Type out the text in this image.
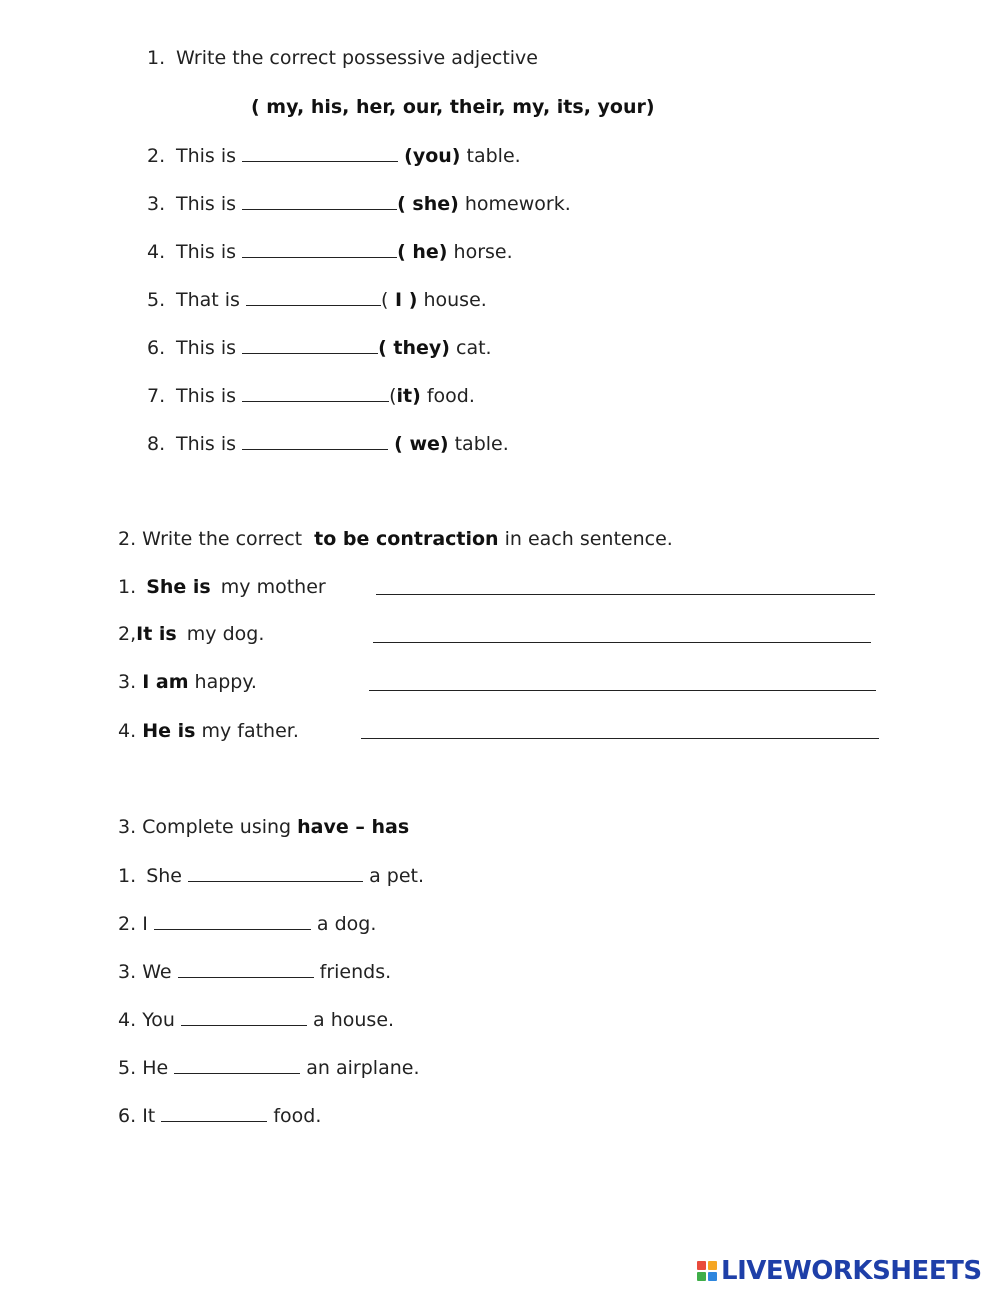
1. Write the correct possessive adjective
( my, his, her, our, their, my, its, your)
2. This is	(you) table.
3. This is	( she) homework.
4. This is	( he) horse.
5. That is	( I ) house.
6. This is	( they) cat.
7. This is	(it) food.
8. This is	( we) table.
2. Write the correct to be contraction in each sentence.
1. She is my mother
2,It is my dog.
3. I am happy.
4. He is my father.
3. Complete using have – has
1. She	a pet.
2. I	a dog.
3. We	friends.
4. You	a house.
5. He	an airplane.
6. It	food.
LIVEWORKSHEETS
